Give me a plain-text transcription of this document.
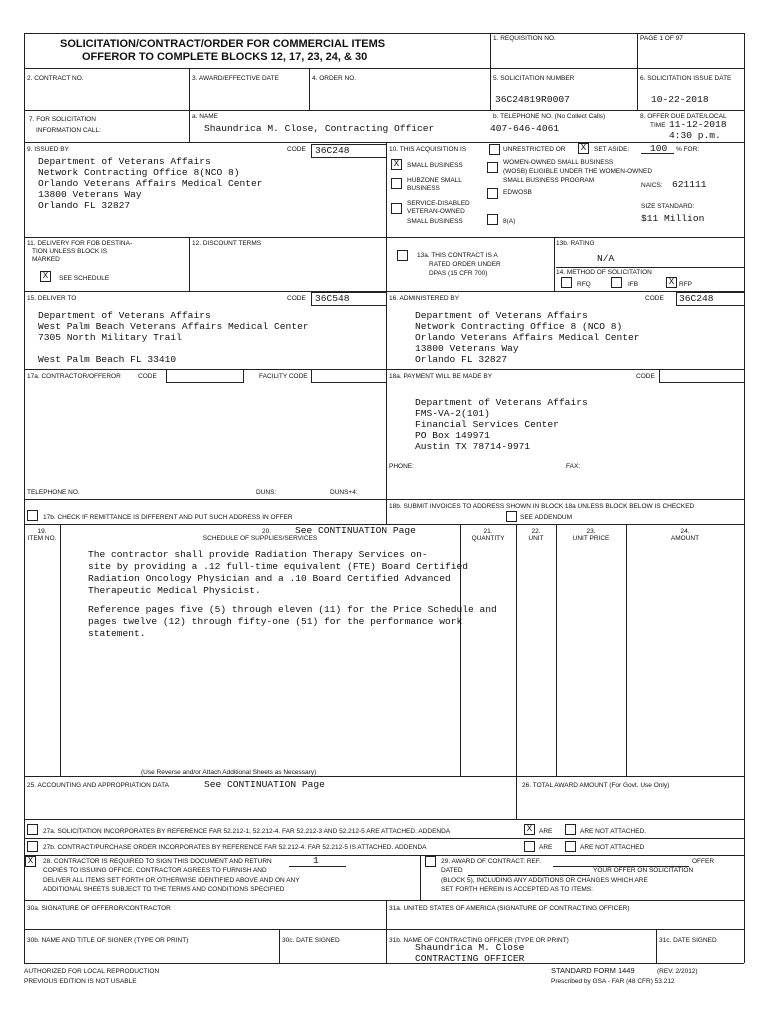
SOLICITATION/CONTRACT/ORDER FOR COMMERCIAL ITEMS
OFFEROR TO COMPLETE BLOCKS 12, 17, 23, 24, & 30
1. REQUISITION NO.	PAGE 1 OF 97
2. CONTRACT NO.	3. AWARD/EFFECTIVE DATE	4. ORDER NO.	5. SOLICITATION NUMBER
36C24819R0007
6. SOLICITATION ISSUE DATE
10-22-2018
7. FOR SOLICITATION
INFORMATION CALL:
a. NAME
Shaundrica M. Close, Contracting Officer
b. TELEPHONE NO. (No Collect Calls)
407-646-4061
8. OFFER DUE DATE/LOCAL
TIME 11-12-2018
4:30 p.m.
9. ISSUED BY	CODE 36C248
Department of Veterans Affairs
Network Contracting Office 8(NCO 8)
Orlando Veterans Affairs Medical Center
13800 Veterans Way
Orlando FL 32827
10. THIS ACQUISITION IS	UNRESTRICTED OR	X	SET ASIDE: 100 % FOR:
X	SMALL BUSINESS
HUBZONE SMALL
BUSINESS
SERVICE-DISABLED
VETERAN-OWNED
SMALL BUSINESS
WOMEN-OWNED SMALL BUSINESS
(WOSB) ELIGIBLE UNDER THE WOMEN-OWNED
SMALL BUSINESS PROGRAM
EDWOSB
8(A)
NAICS: 621111
SIZE STANDARD:
$11 Million
11. DELIVERY FOR FOB DESTINA-
TION UNLESS BLOCK IS
MARKED
X	SEE SCHEDULE
12. DISCOUNT TERMS
13a. THIS CONTRACT IS A
RATED ORDER UNDER
DPAS (15 CFR 700)
13b. RATING
N/A
14. METHOD OF SOLICITATION
RFQ	IFB	X RFP
15. DELIVER TO	CODE 36C548
Department of Veterans Affairs
West Palm Beach Veterans Affairs Medical Center
7305 North Military Trail
West Palm Beach FL 33410
16. ADMINISTERED BY	CODE 36C248
Department of Veterans Affairs
Network Contracting Office 8 (NCO 8)
Orlando Veterans Affairs Medical Center
13800 Veterans Way
Orlando FL 32827
17a. CONTRACTOR/OFFEROR	CODE	FACILITY CODE
TELEPHONE NO.	DUNS:	DUNS+4:
17b. CHECK IF REMITTANCE IS DIFFERENT AND PUT SUCH ADDRESS IN OFFER
18a. PAYMENT WILL BE MADE BY	CODE
Department of Veterans Affairs
FMS-VA-2(101)
Financial Services Center
PO Box 149971
Austin TX 78714-9971
PHONE:	FAX:
18b. SUBMIT INVOICES TO ADDRESS SHOWN IN BLOCK 18a UNLESS BLOCK BELOW IS CHECKED
SEE ADDENDUM
19.
ITEM NO.
20. See CONTINUATION Page
SCHEDULE OF SUPPLIES/SERVICES
21.
QUANTITY
22.
UNIT
23.
UNIT PRICE
24.
AMOUNT
The contractor shall provide Radiation Therapy Services on-
site by providing a .12 full-time equivalent (FTE) Board Certified
Radiation Oncology Physician and a .10 Board Certified Advanced
Therapeutic Medical Physicist.
Reference pages five (5) through eleven (11) for the Price Schedule and
pages twelve (12) through fifty-one (51) for the performance work
statement.
(Use Reverse and/or Attach Additional Sheets as Necessary)
25. ACCOUNTING AND APPROPRIATION DATA	See CONTINUATION Page	26. TOTAL AWARD AMOUNT (For Govt. Use Only)
27a. SOLICITATION INCORPORATES BY REFERENCE FAR 52.212-1, 52.212-4. FAR 52.212-3 AND 52.212-5 ARE ATTACHED. ADDENDA	X	ARE	ARE NOT ATTACHED.
27b. CONTRACT/PURCHASE ORDER INCORPORATES BY REFERENCE FAR 52.212-4. FAR 52.212-5 IS ATTACHED. ADDENDA	ARE	ARE NOT ATTACHED
X	28. CONTRACTOR IS REQUIRED TO SIGN THIS DOCUMENT AND RETURN	1
COPIES TO ISSUING OFFICE. CONTRACTOR AGREES TO FURNISH AND
DELIVER ALL ITEMS SET FORTH OR OTHERWISE IDENTIFIED ABOVE AND ON ANY
ADDITIONAL SHEETS SUBJECT TO THE TERMS AND CONDITIONS SPECIFIED
29. AWARD OF CONTRACT: REF.	OFFER
DATED	YOUR OFFER ON SOLICITATION
(BLOCK 5), INCLUDING ANY ADDITIONS OR CHANGES WHICH ARE
SET FORTH HEREIN IS ACCEPTED AS TO ITEMS:
30a. SIGNATURE OF OFFEROR/CONTRACTOR	31a. UNITED STATES OF AMERICA (SIGNATURE OF CONTRACTING OFFICER)
30b. NAME AND TITLE OF SIGNER (TYPE OR PRINT)	30c. DATE SIGNED	31b. NAME OF CONTRACTING OFFICER (TYPE OR PRINT)
Shaundrica M. Close
CONTRACTING OFFICER
31c. DATE SIGNED
AUTHORIZED FOR LOCAL REPRODUCTION
PREVIOUS EDITION IS NOT USABLE
STANDARD FORM 1449	(REV. 2/2012)
Prescribed by GSA - FAR (48 CFR) 53.212
